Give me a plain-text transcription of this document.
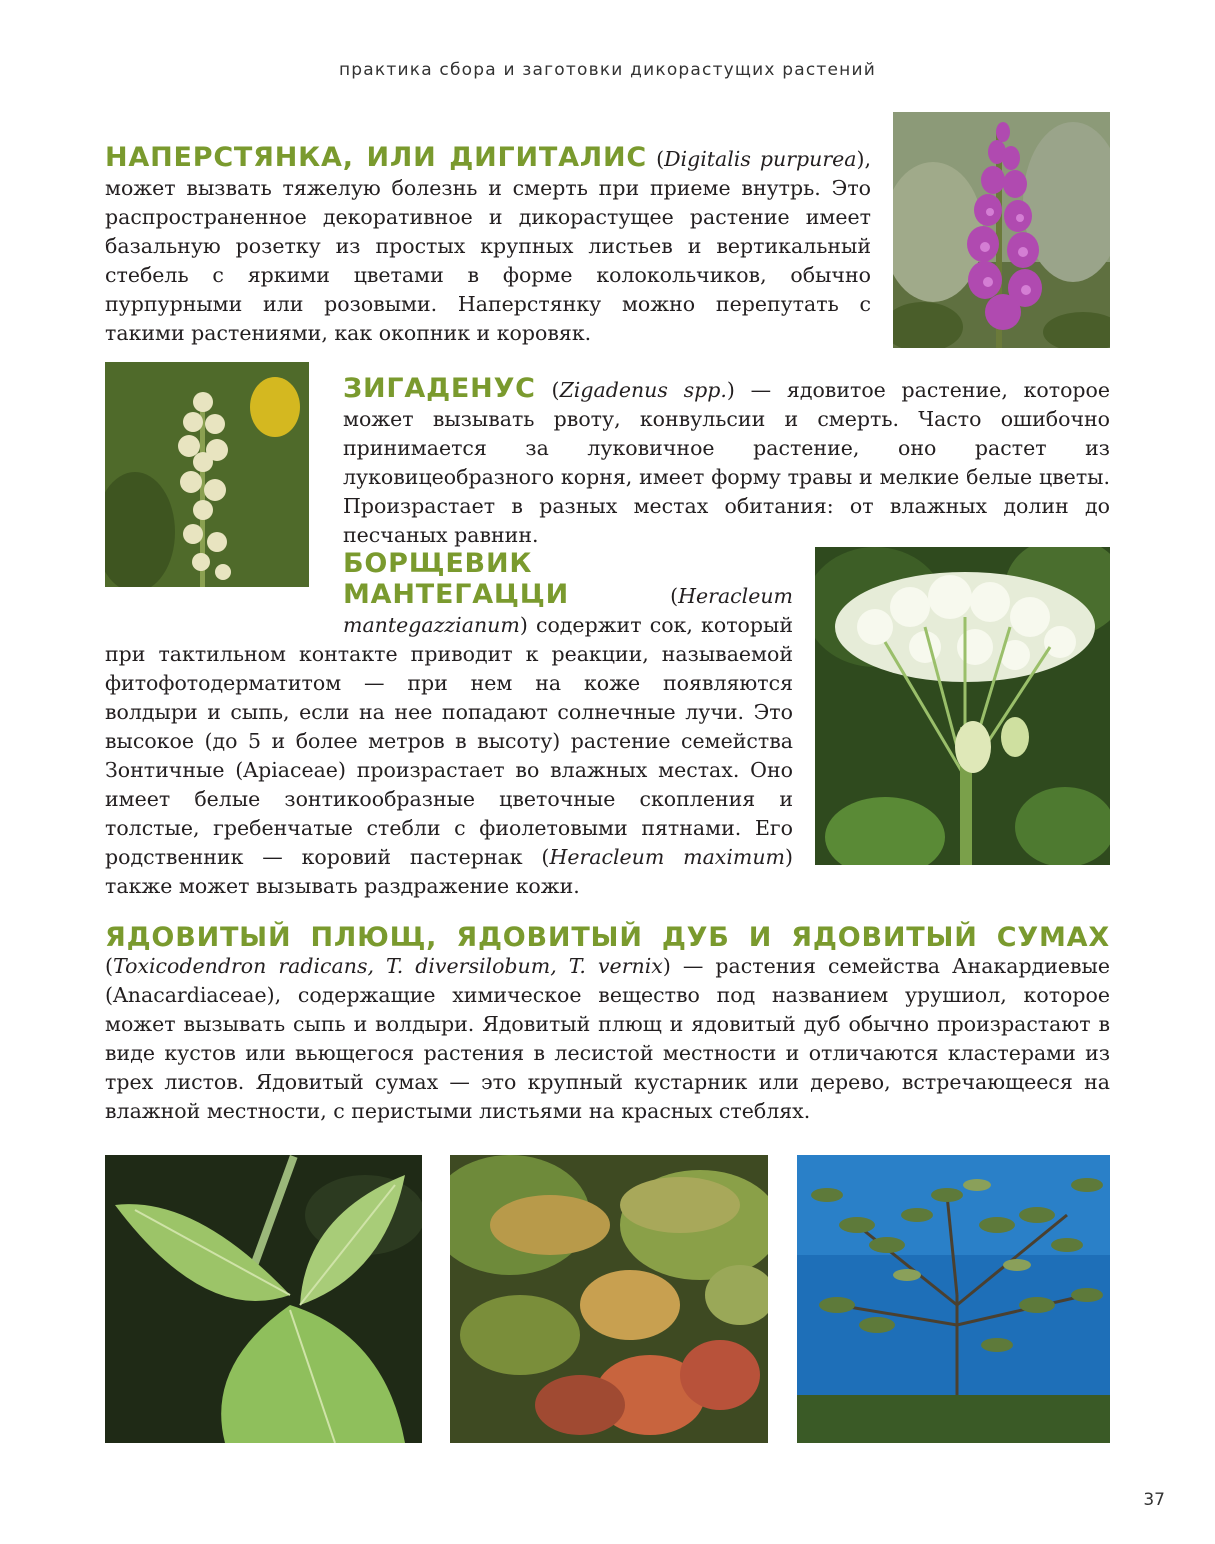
практика сбора и заготовки дикорастущих растений

НАПЕРСТЯНКА, ИЛИ ДИГИТАЛИС (Digitalis purpurea), может вызвать тяжелую болезнь и смерть при приеме внутрь. Это распространенное декоративное и дикорастущее растение имеет базальную розетку из простых крупных листьев и вертикальный стебель с яркими цветами в форме колокольчиков, обычно пурпурными или розовыми. Наперстянку можно перепутать с такими растениями, как окопник и коровяк.

ЗИГАДЕНУС (Zigadenus spp.) — ядовитое растение, которое может вызывать рвоту, конвульсии и смерть. Часто ошибочно принимается за луковичное растение, оно растет из луковицеобразного корня, имеет форму травы и мелкие белые цветы. Произрастает в разных местах обитания: от влажных долин до песчаных равнин.

БОРЩЕВИК МАНТЕГАЦЦИ (Heracleum mantegazzianum) содержит сок, который при тактильном контакте приводит к реакции, называемой фитофотодерматитом — при нем на коже появляются волдыри и сыпь, если на нее попадают солнечные лучи. Это высокое (до 5 и более метров в высоту) растение семейства Зонтичные (Apiaceae) произрастает во влажных местах. Оно имеет белые зонтикообразные цветочные скопления и толстые, гребенчатые стебли с фиолетовыми пятнами. Его родственник — коровий пастернак (Heracleum maximum) также может вызывать раздражение кожи.

ЯДОВИТЫЙ ПЛЮЩ, ЯДОВИТЫЙ ДУБ И ЯДОВИТЫЙ СУМАХ
(Toxicodendron radicans, T. diversilobum, T. vernix) — растения семейства Анакардиевые (Anacardiaceae), содержащие химическое вещество под названием урушиол, которое может вызывать сыпь и волдыри. Ядовитый плющ и ядовитый дуб обычно произрастают в виде кустов или вьющегося растения в лесистой местности и отличаются кластерами из трех листов. Ядовитый сумах — это крупный кустарник или дерево, встречающееся на влажной местности, с перистыми листьями на красных стеблях.

37
